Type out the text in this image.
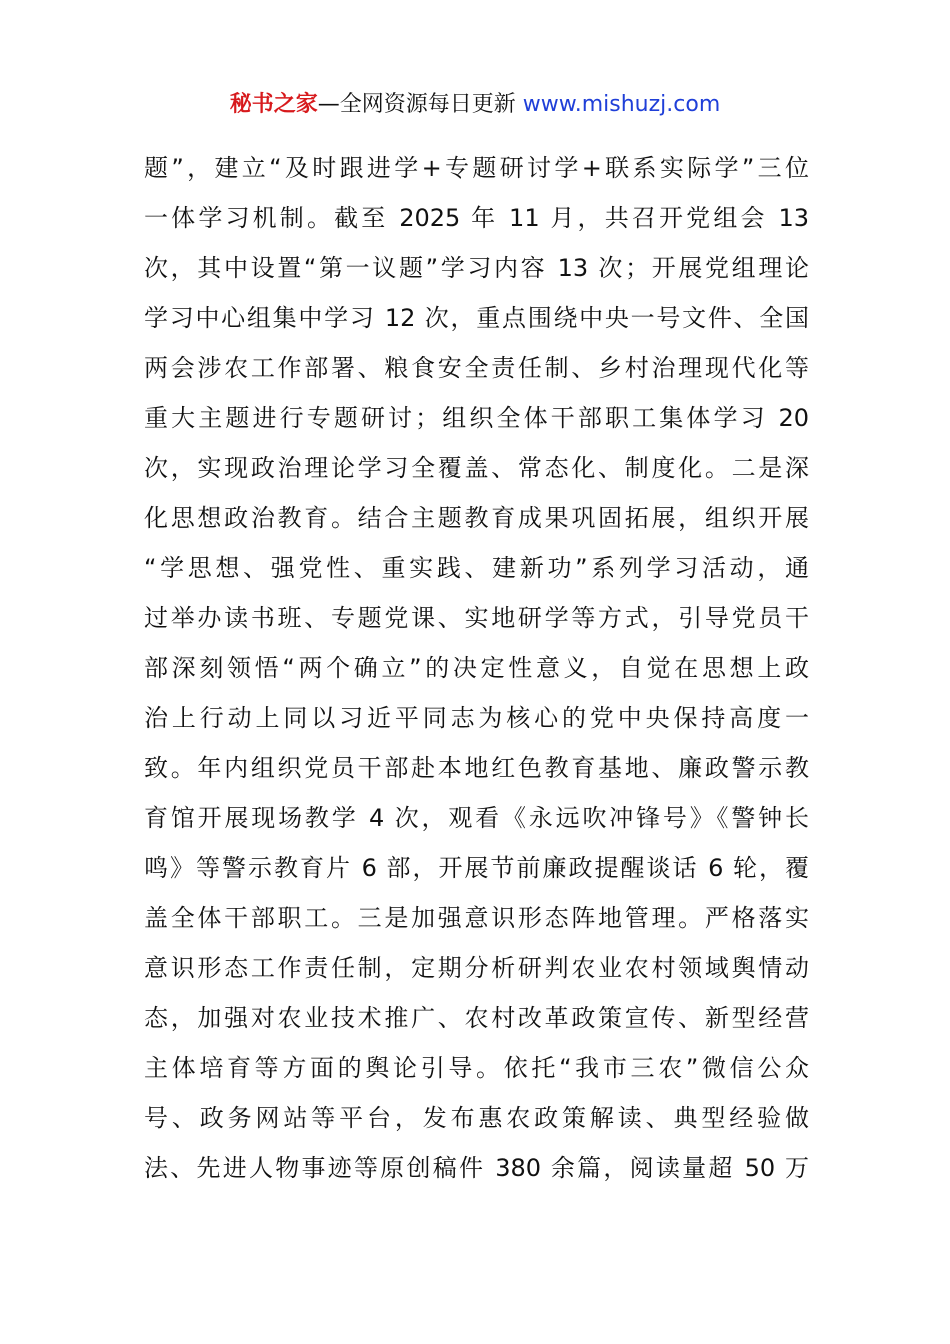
秘书之家—全网资源每日更新 www.mishuzj.com
题”，建立“及时跟进学+专题研讨学+联系实际学”三位
一体学习机制。截至 2025 年 11 月，共召开党组会 13
次，其中设置“第一议题”学习内容 13 次；开展党组理论
学习中心组集中学习 12 次，重点围绕中央一号文件、全国
两会涉农工作部署、粮食安全责任制、乡村治理现代化等
重大主题进行专题研讨；组织全体干部职工集体学习 20
次，实现政治理论学习全覆盖、常态化、制度化。二是深
化思想政治教育。结合主题教育成果巩固拓展，组织开展
“学思想、强党性、重实践、建新功”系列学习活动，通
过举办读书班、专题党课、实地研学等方式，引导党员干
部深刻领悟“两个确立”的决定性意义，自觉在思想上政
治上行动上同以习近平同志为核心的党中央保持高度一
致。年内组织党员干部赴本地红色教育基地、廉政警示教
育馆开展现场教学 4 次，观看《永远吹冲锋号》《警钟长
鸣》等警示教育片 6 部，开展节前廉政提醒谈话 6 轮，覆
盖全体干部职工。三是加强意识形态阵地管理。严格落实
意识形态工作责任制，定期分析研判农业农村领域舆情动
态，加强对农业技术推广、农村改革政策宣传、新型经营
主体培育等方面的舆论引导。依托“我市三农”微信公众
号、政务网站等平台，发布惠农政策解读、典型经验做
法、先进人物事迹等原创稿件 380 余篇，阅读量超 50 万
